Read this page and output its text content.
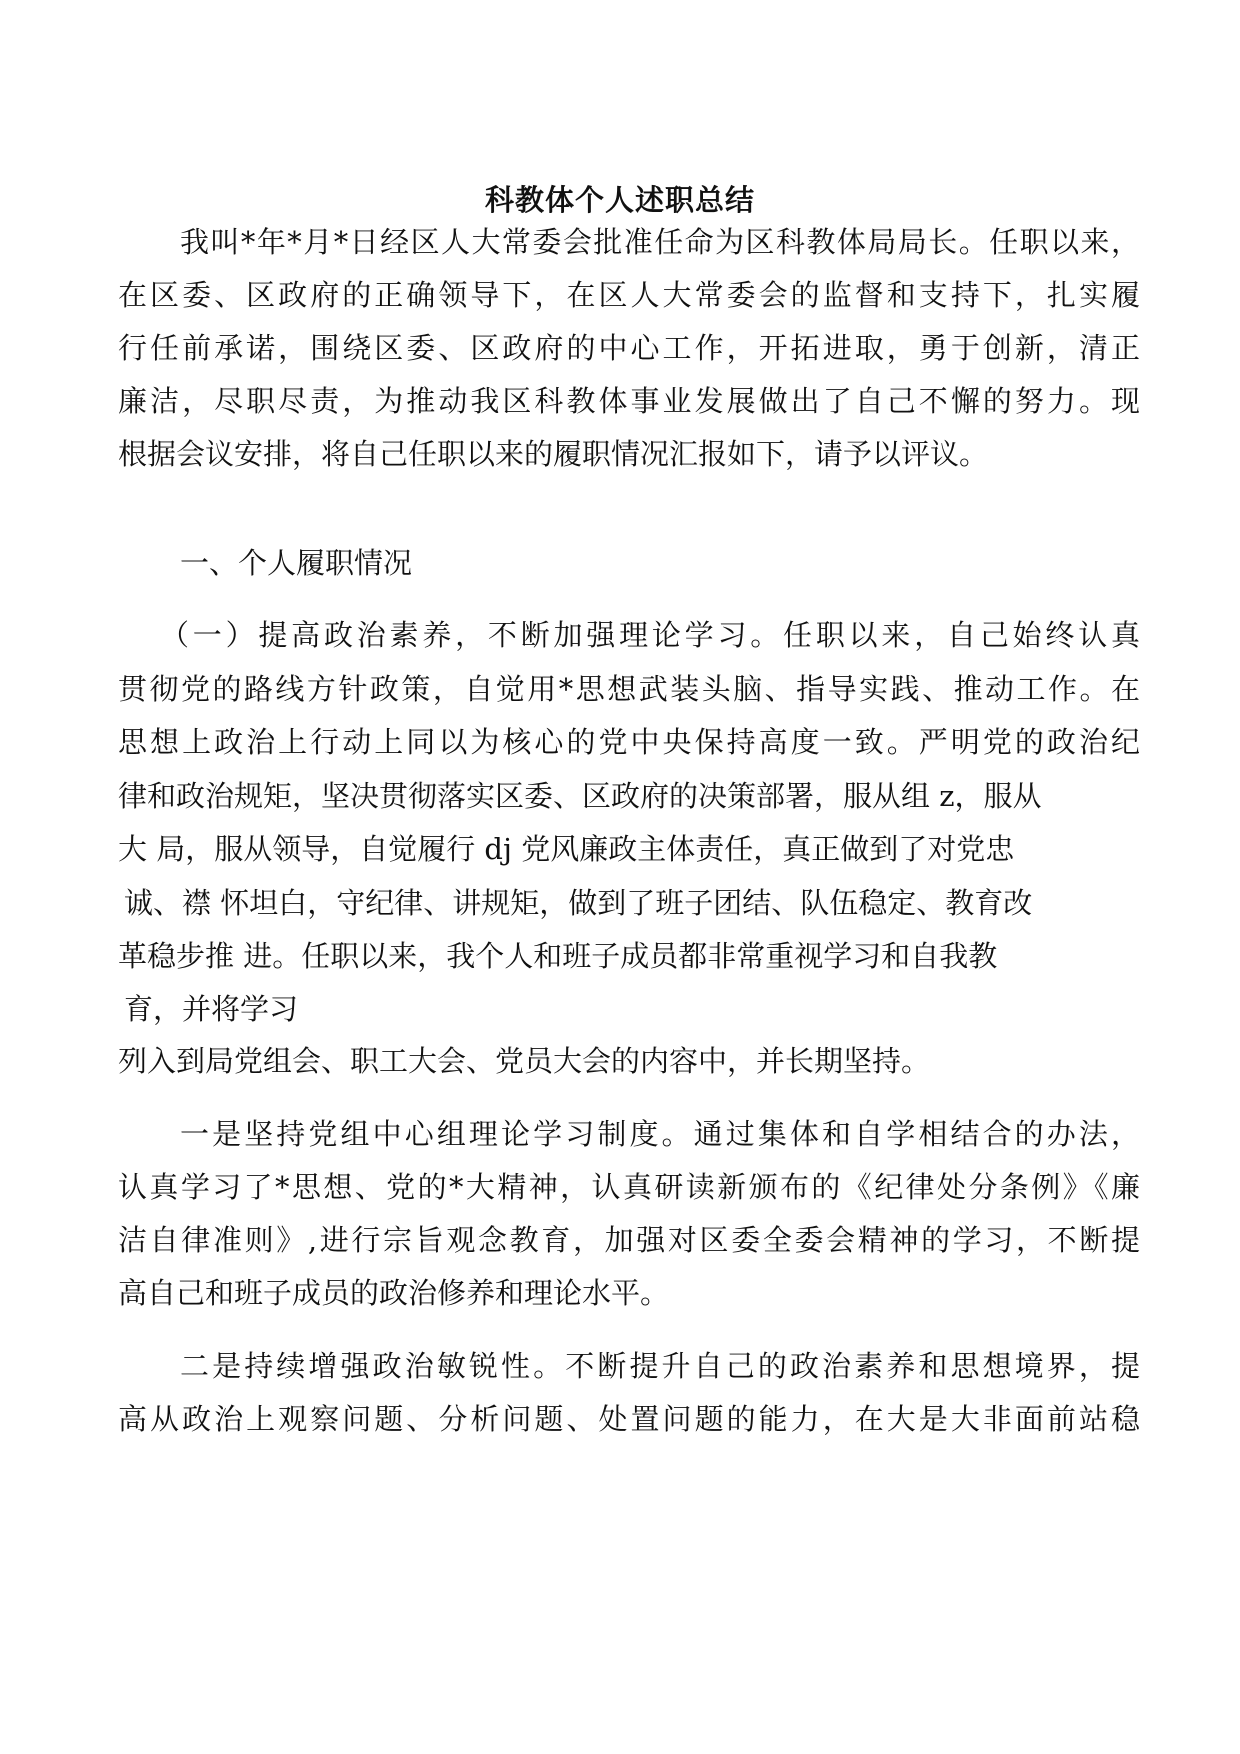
科教体个人述职总结
我叫*年*月*日经区人大常委会批准任命为区科教体局局长。任职以来，
在区委、区政府的正确领导下，在区人大常委会的监督和支持下，扎实履
行任前承诺，围绕区委、区政府的中心工作，开拓进取，勇于创新，清正
廉洁，尽职尽责，为推动我区科教体事业发展做出了自己不懈的努力。现
根据会议安排，将自己任职以来的履职情况汇报如下，请予以评议。
一、个人履职情况
（一）提高政治素养，不断加强理论学习。任职以来，自己始终认真
贯彻党的路线方针政策，自觉用*思想武装头脑、指导实践、推动工作。在
思想上政治上行动上同以为核心的党中央保持高度一致。严明党的政治纪
律和政治规矩，坚决贯彻落实区委、区政府的决策部署，服从组 z，服从
大 局，服从领导，自觉履行 dj 党风廉政主体责任，真正做到了对党忠
诚、襟 怀坦白，守纪律、讲规矩，做到了班子团结、队伍稳定、教育改
革稳步推 进。任职以来，我个人和班子成员都非常重视学习和自我教
育，并将学习
列入到局党组会、职工大会、党员大会的内容中，并长期坚持。
一是坚持党组中心组理论学习制度。通过集体和自学相结合的办法，
认真学习了*思想、党的*大精神，认真研读新颁布的《纪律处分条例》《廉
洁自律准则》,进行宗旨观念教育，加强对区委全委会精神的学习，不断提
高自己和班子成员的政治修养和理论水平。
二是持续增强政治敏锐性。不断提升自己的政治素养和思想境界，提
高从政治上观察问题、分析问题、处置问题的能力，在大是大非面前站稳
